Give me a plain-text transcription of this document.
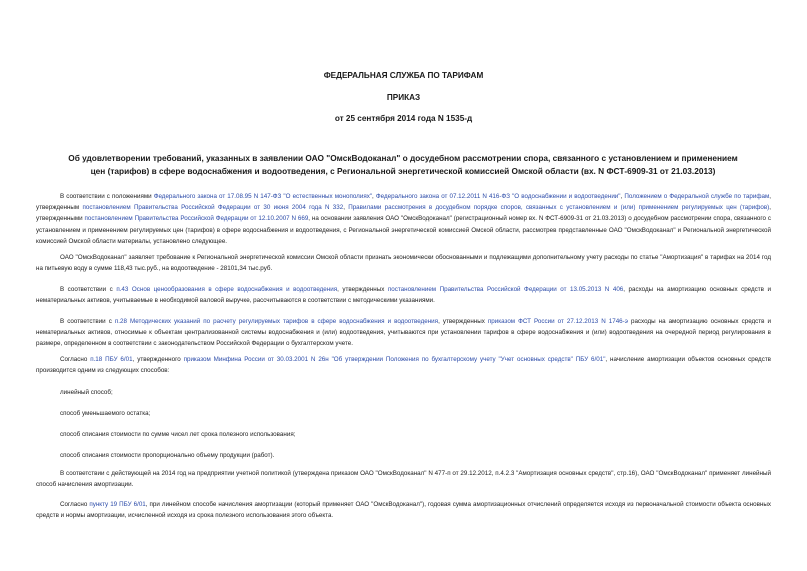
ФЕДЕРАЛЬНАЯ СЛУЖБА ПО ТАРИФАМ
ПРИКАЗ
от 25 сентября 2014 года N 1535-д
Об удовлетворении требований, указанных в заявлении ОАО "ОмскВодоканал" о досудебном рассмотрении спора, связанного с установлением и применением цен (тарифов) в сфере водоснабжения и водоотведения, с Региональной энергетической комиссией Омской области (вх. N ФСТ-6909-31 от 21.03.2013)
В соответствии с положениями Федерального закона от 17.08.95 N 147-ФЗ "О естественных монополиях", Федерального закона от 07.12.2011 N 416-ФЗ "О водоснабжении и водоотведении", Положением о Федеральной службе по тарифам, утвержденным постановлением Правительства Российской Федерации от 30 июня 2004 года N 332, Правилами рассмотрения в досудебном порядке споров, связанных с установлением и (или) применением регулируемых цен (тарифов), утвержденными постановлением Правительства Российской Федерации от 12.10.2007 N 669, на основании заявления ОАО "ОмскВодоканал" (регистрационный номер вх. N ФСТ-6909-31 от 21.03.2013) о досудебном рассмотрении спора, связанного с установлением и применением регулируемых цен (тарифов) в сфере водоснабжения и водоотведения, с Региональной энергетической комиссией Омской области, рассмотрев представленные ОАО "ОмскВодоканал" и Региональной энергетической комиссией Омской области материалы, установлено следующее.
ОАО "ОмскВодоканал" заявляет требование к Региональной энергетической комиссии Омской области признать экономически обоснованными и подлежащими дополнительному учету расходы по статье "Амортизация" в тарифах на 2014 год на питьевую воду в сумме 118,43 тыс.руб., на водоотведение - 28101,34 тыс.руб.
В соответствии с п.43 Основ ценообразования в сфере водоснабжения и водоотведения, утвержденных постановлением Правительства Российской Федерации от 13.05.2013 N 406, расходы на амортизацию основных средств и нематериальных активов, учитываемые в необходимой валовой выручке, рассчитываются в соответствии с методическими указаниями.
В соответствии с п.28 Методических указаний по расчету регулируемых тарифов в сфере водоснабжения и водоотведения, утвержденных приказом ФСТ России от 27.12.2013 N 1746-э расходы на амортизацию основных средств и нематериальных активов, относимые к объектам централизованной системы водоснабжения и (или) водоотведения, учитываются при установлении тарифов в сфере водоснабжения и (или) водоотведения на очередной период регулирования в размере, определенном в соответствии с законодательством Российской Федерации о бухгалтерском учете.
Согласно п.18 ПБУ 6/01, утвержденного приказом Минфина России от 30.03.2001 N 26н "Об утверждении Положения по бухгалтерскому учету "Учет основных средств" ПБУ 6/01", начисление амортизации объектов основных средств производится одним из следующих способов:
линейный способ;
способ уменьшаемого остатка;
способ списания стоимости по сумме чисел лет срока полезного использования;
способ списания стоимости пропорционально объему продукции (работ).
В соответствии с действующей на 2014 год на предприятии учетной политикой (утверждена приказом ОАО "ОмскВодоканал" N 477-п от 29.12.2012, п.4.2.3 "Амортизация основных средств", стр.16), ОАО "ОмскВодоканал" применяет линейный способ начисления амортизации.
Согласно пункту 19 ПБУ 6/01, при линейном способе начисления амортизации (который применяет ОАО "ОмскВодоканал"), годовая сумма амортизационных отчислений определяется исходя из первоначальной стоимости объекта основных средств и нормы амортизации, исчисленной исходя из срока полезного использования этого объекта.
